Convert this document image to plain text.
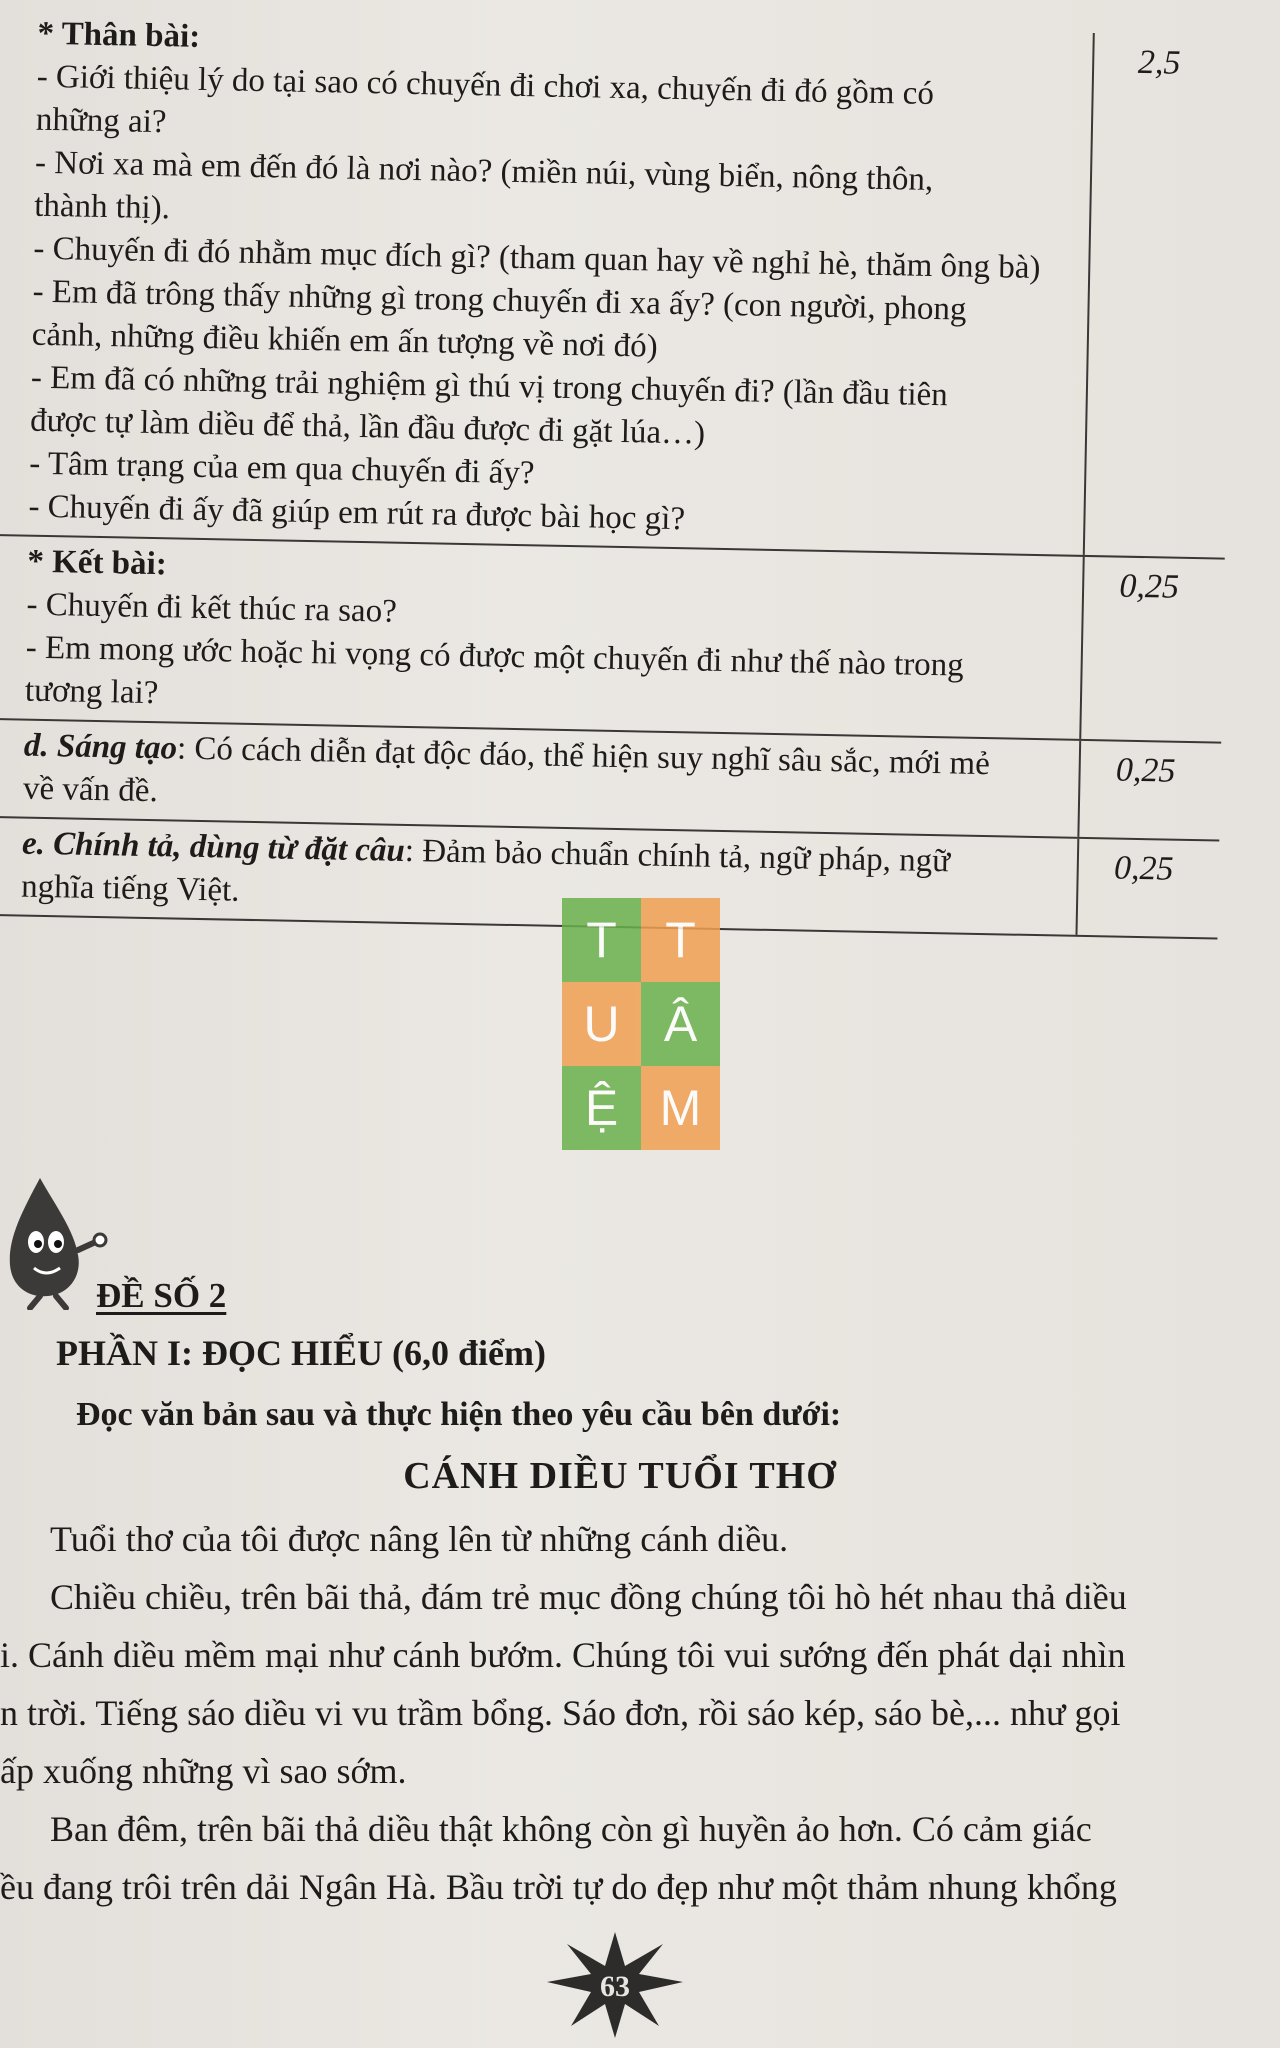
* Thân bài:
- Giới thiệu lý do tại sao có chuyến đi chơi xa, chuyến đi đó gồm có
những ai?
- Nơi xa mà em đến đó là nơi nào? (miền núi, vùng biển, nông thôn,
thành thị).
- Chuyến đi đó nhằm mục đích gì? (tham quan hay về nghỉ hè, thăm ông bà)
- Em đã trông thấy những gì trong chuyến đi xa ấy? (con người, phong
cảnh, những điều khiến em ấn tượng về nơi đó)
- Em đã có những trải nghiệm gì thú vị trong chuyến đi? (lần đầu tiên
được tự làm diều để thả, lần đầu được đi gặt lúa…)
- Tâm trạng của em qua chuyến đi ấy?
- Chuyến đi ấy đã giúp em rút ra được bài học gì?
2,5
* Kết bài:
- Chuyến đi kết thúc ra sao?
- Em mong ước hoặc hi vọng có được một chuyến đi như thế nào trong
tương lai?
0,25
d. Sáng tạo: Có cách diễn đạt độc đáo, thể hiện suy nghĩ sâu sắc, mới mẻ
về vấn đề.	0,25
e. Chính tả, dùng từ đặt câu: Đảm bảo chuẩn chính tả, ngữ pháp, ngữ
nghĩa tiếng Việt.	0,25
T T
U Â
Ệ M
ĐỀ SỐ 2
PHẦN I: ĐỌC HIỂU (6,0 điểm)
Đọc văn bản sau và thực hiện theo yêu cầu bên dưới:
CÁNH DIỀU TUỔI THƠ

Tuổi thơ của tôi được nâng lên từ những cánh diều.

Chiều chiều, trên bãi thả, đám trẻ mục đồng chúng tôi hò hét nhau thả diều

i. Cánh diều mềm mại như cánh bướm. Chúng tôi vui sướng đến phát dại nhìn

n trời. Tiếng sáo diều vi vu trầm bổng. Sáo đơn, rồi sáo kép, sáo bè,... như gọi

ấp xuống những vì sao sớm.

Ban đêm, trên bãi thả diều thật không còn gì huyền ảo hơn. Có cảm giác

ều đang trôi trên dải Ngân Hà. Bầu trời tự do đẹp như một thảm nhung khổng

63
